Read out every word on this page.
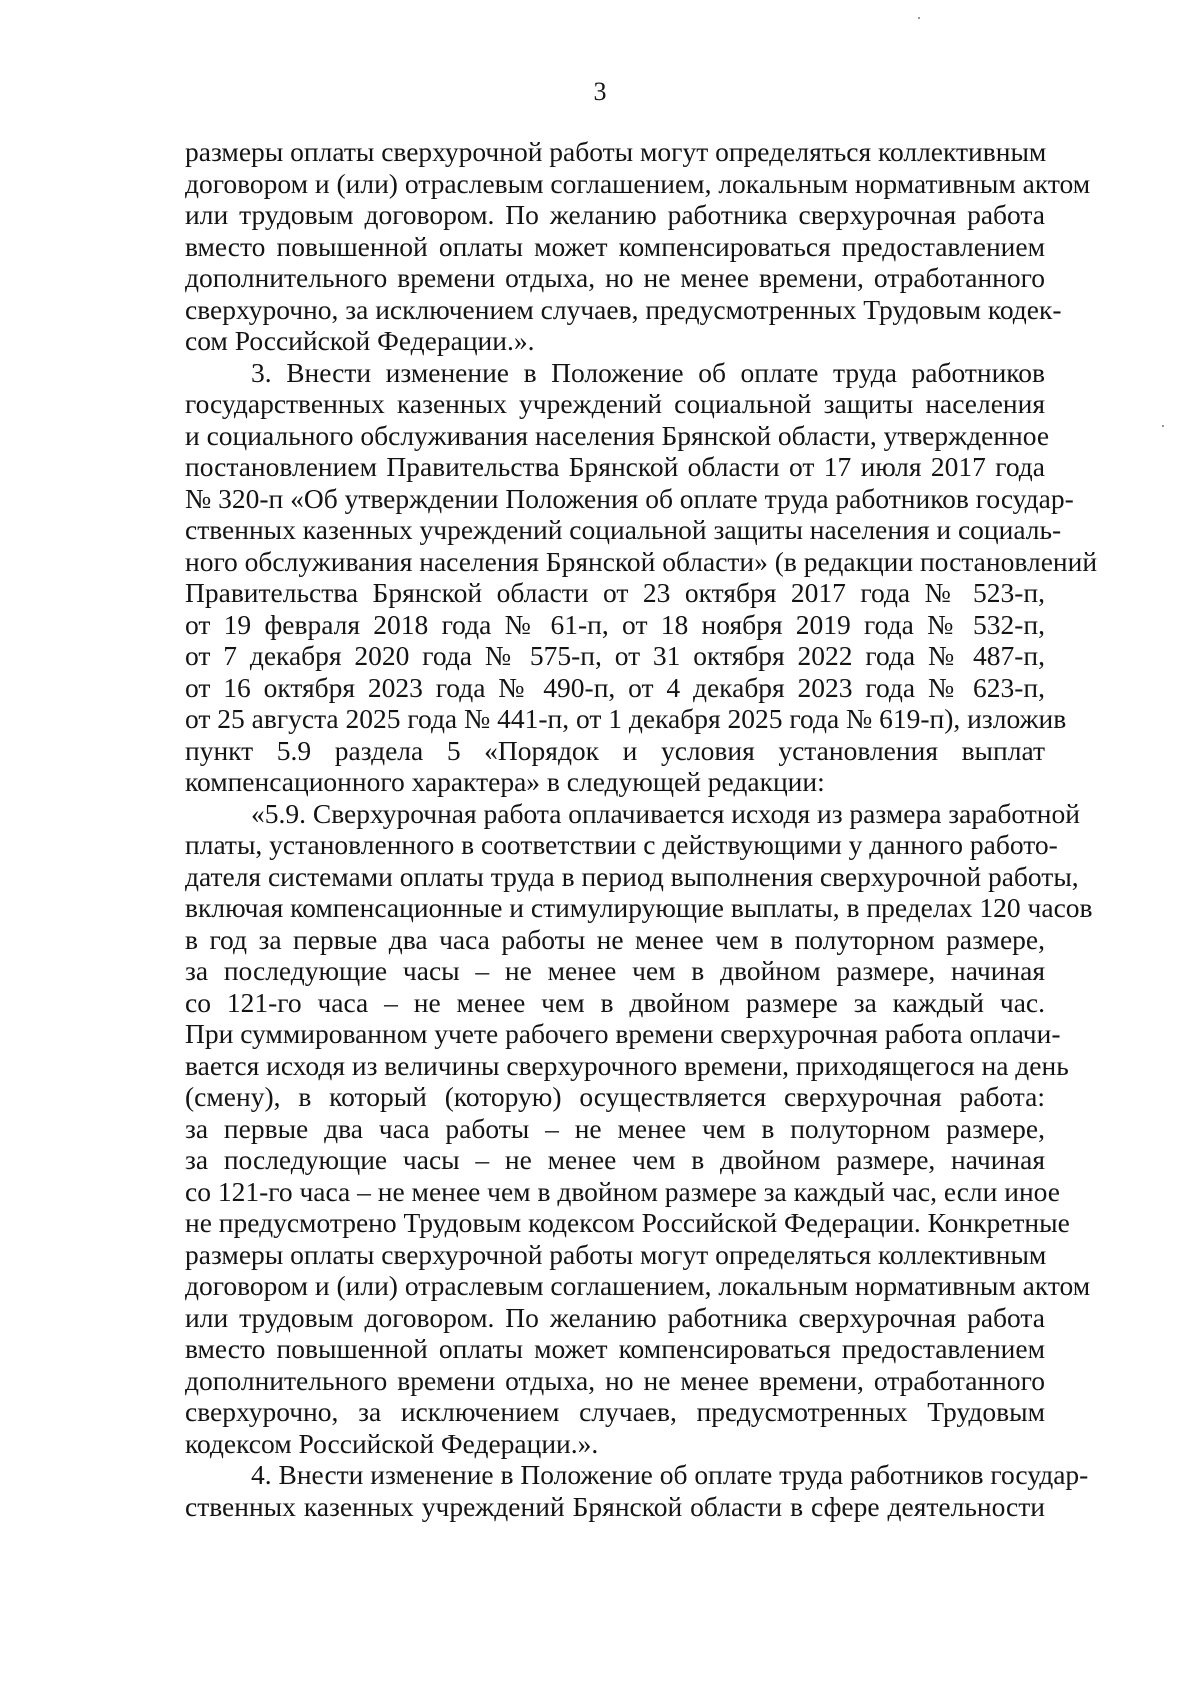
3
размеры оплаты сверхурочной работы могут определяться коллективным
договором и (или) отраслевым соглашением, локальным нормативным актом
или трудовым договором. По желанию работника сверхурочная работа
вместо повышенной оплаты может компенсироваться предоставлением
дополнительного времени отдыха, но не менее времени, отработанного
сверхурочно, за исключением случаев, предусмотренных Трудовым кодек-
сом Российской Федерации.».
3. Внести изменение в Положение об оплате труда работников
государственных казенных учреждений социальной защиты населения
и социального обслуживания населения Брянской области, утвержденное
постановлением Правительства Брянской области от 17 июля 2017 года
№ 320-п «Об утверждении Положения об оплате труда работников государ-
ственных казенных учреждений социальной защиты населения и социаль-
ного обслуживания населения Брянской области» (в редакции постановлений
Правительства Брянской области от 23 октября 2017 года № 523-п,
от 19 февраля 2018 года № 61-п, от 18 ноября 2019 года № 532-п,
от 7 декабря 2020 года № 575-п, от 31 октября 2022 года № 487-п,
от 16 октября 2023 года № 490-п, от 4 декабря 2023 года № 623-п,
от 25 августа 2025 года № 441-п, от 1 декабря 2025 года № 619-п), изложив
пункт 5.9 раздела 5 «Порядок и условия установления выплат
компенсационного характера» в следующей редакции:
«5.9. Сверхурочная работа оплачивается исходя из размера заработной
платы, установленного в соответствии с действующими у данного работо-
дателя системами оплаты труда в период выполнения сверхурочной работы,
включая компенсационные и стимулирующие выплаты, в пределах 120 часов
в год за первые два часа работы не менее чем в полуторном размере,
за последующие часы – не менее чем в двойном размере, начиная
со 121-го часа – не менее чем в двойном размере за каждый час.
При суммированном учете рабочего времени сверхурочная работа оплачи-
вается исходя из величины сверхурочного времени, приходящегося на день
(смену), в который (которую) осуществляется сверхурочная работа:
за первые два часа работы – не менее чем в полуторном размере,
за последующие часы – не менее чем в двойном размере, начиная
со 121-го часа – не менее чем в двойном размере за каждый час, если иное
не предусмотрено Трудовым кодексом Российской Федерации. Конкретные
размеры оплаты сверхурочной работы могут определяться коллективным
договором и (или) отраслевым соглашением, локальным нормативным актом
или трудовым договором. По желанию работника сверхурочная работа
вместо повышенной оплаты может компенсироваться предоставлением
дополнительного времени отдыха, но не менее времени, отработанного
сверхурочно, за исключением случаев, предусмотренных Трудовым
кодексом Российской Федерации.».
4. Внести изменение в Положение об оплате труда работников государ-
ственных казенных учреждений Брянской области в сфере деятельности
